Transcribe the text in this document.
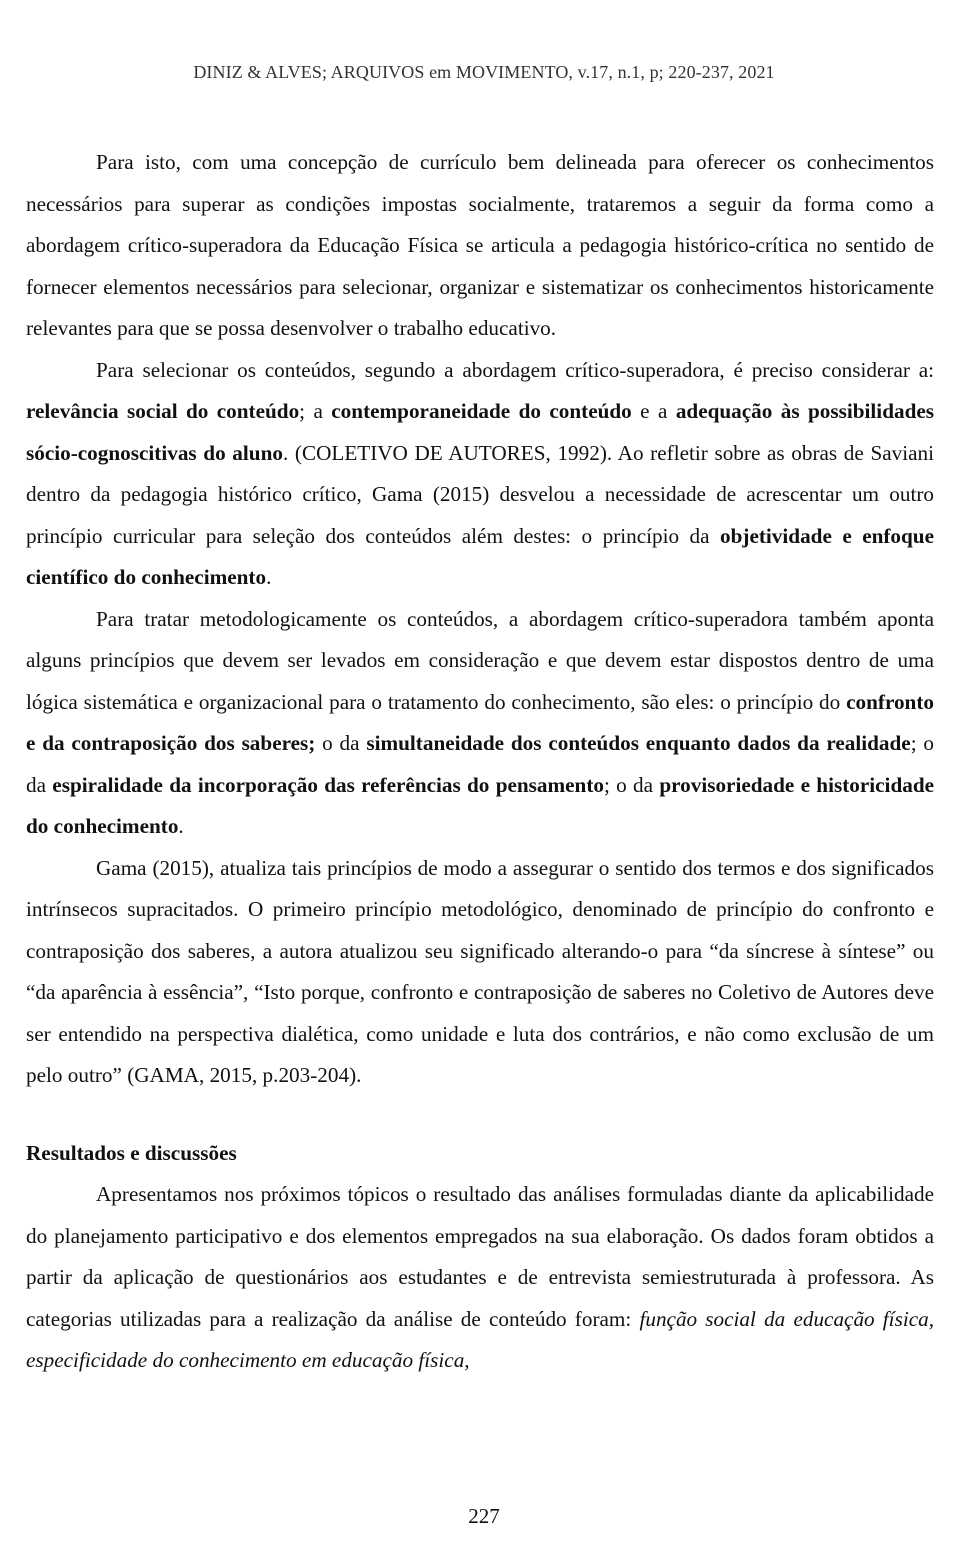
DINIZ & ALVES; ARQUIVOS em MOVIMENTO, v.17, n.1, p; 220-237, 2021

Para isto, com uma concepção de currículo bem delineada para oferecer os conhecimentos necessários para superar as condições impostas socialmente, trataremos a seguir da forma como a abordagem crítico-superadora da Educação Física se articula a pedagogia histórico-crítica no sentido de fornecer elementos necessários para selecionar, organizar e sistematizar os conhecimentos historicamente relevantes para que se possa desenvolver o trabalho educativo.

Para selecionar os conteúdos, segundo a abordagem crítico-superadora, é preciso considerar a: relevância social do conteúdo; a contemporaneidade do conteúdo e a adequação às possibilidades sócio-cognoscitivas do aluno. (COLETIVO DE AUTORES, 1992). Ao refletir sobre as obras de Saviani dentro da pedagogia histórico crítico, Gama (2015) desvelou a necessidade de acrescentar um outro princípio curricular para seleção dos conteúdos além destes: o princípio da objetividade e enfoque científico do conhecimento.

Para tratar metodologicamente os conteúdos, a abordagem crítico-superadora também aponta alguns princípios que devem ser levados em consideração e que devem estar dispostos dentro de uma lógica sistemática e organizacional para o tratamento do conhecimento, são eles: o princípio do confronto e da contraposição dos saberes; o da simultaneidade dos conteúdos enquanto dados da realidade; o da espiralidade da incorporação das referências do pensamento; o da provisoriedade e historicidade do conhecimento.

Gama (2015), atualiza tais princípios de modo a assegurar o sentido dos termos e dos significados intrínsecos supracitados. O primeiro princípio metodológico, denominado de princípio do confronto e contraposição dos saberes, a autora atualizou seu significado alterando-o para “da síncrese à síntese” ou “da aparência à essência”, “Isto porque, confronto e contraposição de saberes no Coletivo de Autores deve ser entendido na perspectiva dialética, como unidade e luta dos contrários, e não como exclusão de um pelo outro” (GAMA, 2015, p.203-204).

Resultados e discussões

Apresentamos nos próximos tópicos o resultado das análises formuladas diante da aplicabilidade do planejamento participativo e dos elementos empregados na sua elaboração. Os dados foram obtidos a partir da aplicação de questionários aos estudantes e de entrevista semiestruturada à professora. As categorias utilizadas para a realização da análise de conteúdo foram: função social da educação física, especificidade do conhecimento em educação física,

227
